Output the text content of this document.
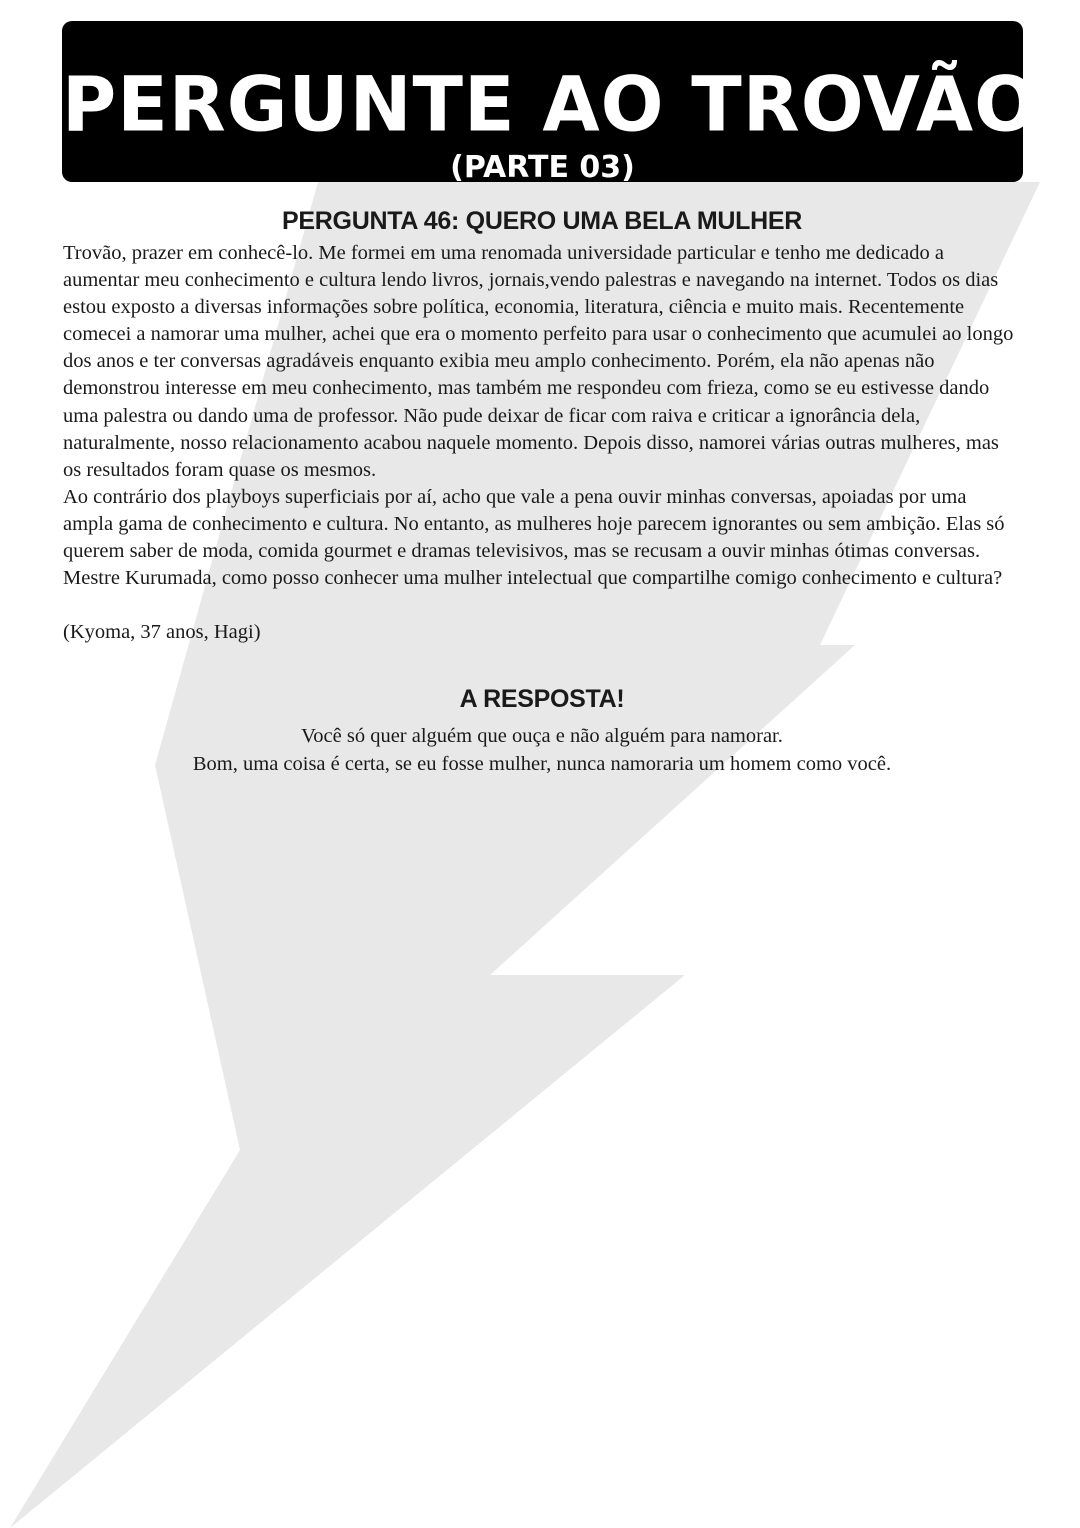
PERGUNTE AO TROVÃO!
(PARTE 03)
PERGUNTA 46: QUERO UMA BELA MULHER

Trovão, prazer em conhecê-lo. Me formei em uma renomada universidade particular e tenho me dedicado a aumentar meu conhecimento e cultura lendo livros, jornais,vendo palestras e navegando na internet. Todos os dias estou exposto a diversas informações sobre política, economia, literatura, ciência e muito mais. Recentemente comecei a namorar uma mulher, achei que era o momento perfeito para usar o conhecimento que acumulei ao longo dos anos e ter conversas agradáveis enquanto exibia meu amplo conhecimento. Porém, ela não apenas não demonstrou interesse em meu conhecimento, mas também me respondeu com frieza, como se eu estivesse dando uma palestra ou dando uma de professor. Não pude deixar de ficar com raiva e criticar a ignorância dela, naturalmente, nosso relacionamento acabou naquele momento. Depois disso, namorei várias outras mulheres, mas os resultados foram quase os mesmos.

Ao contrário dos playboys superficiais por aí, acho que vale a pena ouvir minhas conversas, apoiadas por uma ampla gama de conhecimento e cultura. No entanto, as mulheres hoje parecem ignorantes ou sem ambição. Elas só querem saber de moda, comida gourmet e dramas televisivos, mas se recusam a ouvir minhas ótimas conversas. Mestre Kurumada, como posso conhecer uma mulher intelectual que compartilhe comigo conhecimento e cultura?

(Kyoma, 37 anos, Hagi)

A RESPOSTA!

Você só quer alguém que ouça e não alguém para namorar.

Bom, uma coisa é certa, se eu fosse mulher, nunca namoraria um homem como você.
